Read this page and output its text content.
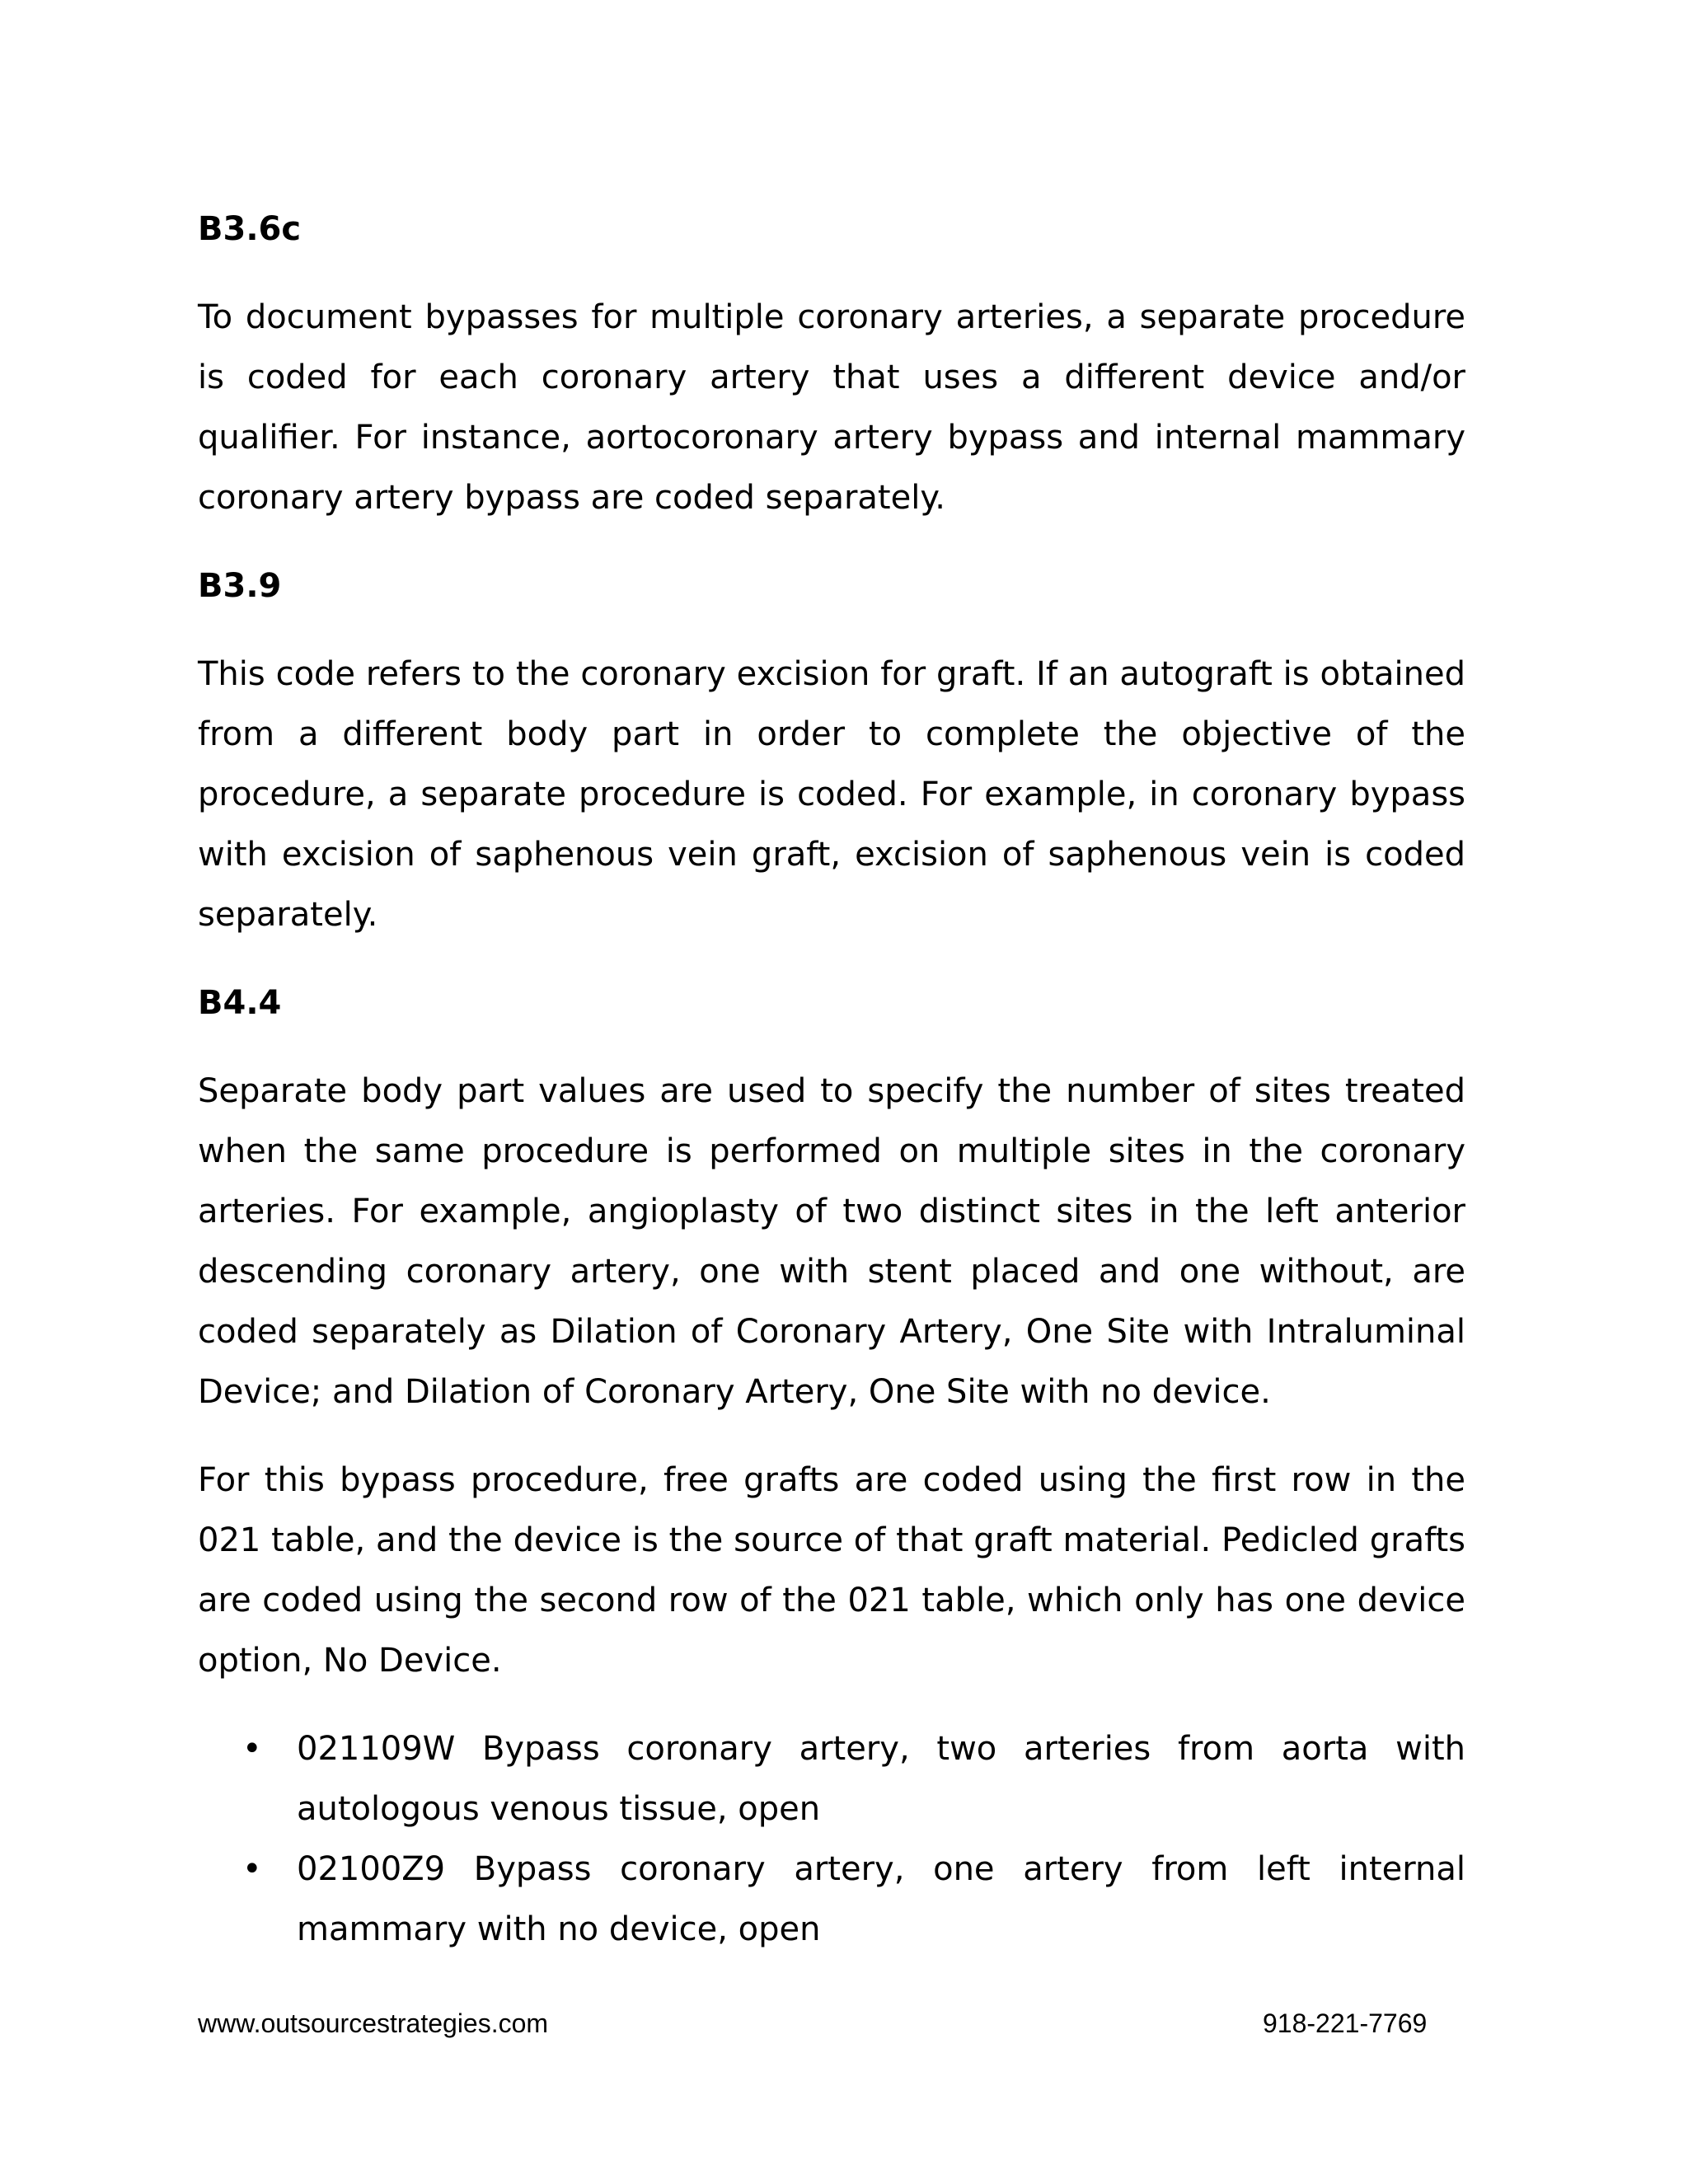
B3.6c

To document bypasses for multiple coronary arteries, a separate procedure is coded for each coronary artery that uses a different device and/or qualifier. For instance, aortocoronary artery bypass and internal mammary coronary artery bypass are coded separately.

B3.9

This code refers to the coronary excision for graft. If an autograft is obtained from a different body part in order to complete the objective of the procedure, a separate procedure is coded. For example, in coronary bypass with excision of saphenous vein graft, excision of saphenous vein is coded separately.

B4.4

Separate body part values are used to specify the number of sites treated when the same procedure is performed on multiple sites in the coronary arteries. For example, angioplasty of two distinct sites in the left anterior descending coronary artery, one with stent placed and one without, are coded separately as Dilation of Coronary Artery, One Site with Intraluminal Device; and Dilation of Coronary Artery, One Site with no device.

For this bypass procedure, free grafts are coded using the first row in the 021 table, and the device is the source of that graft material. Pedicled grafts are coded using the second row of the 021 table, which only has one device option, No Device.

• 021109W Bypass coronary artery, two arteries from aorta with autologous venous tissue, open
• 02100Z9 Bypass coronary artery, one artery from left internal mammary with no device, open
www.outsourcestrategies.com	918-221-7769
